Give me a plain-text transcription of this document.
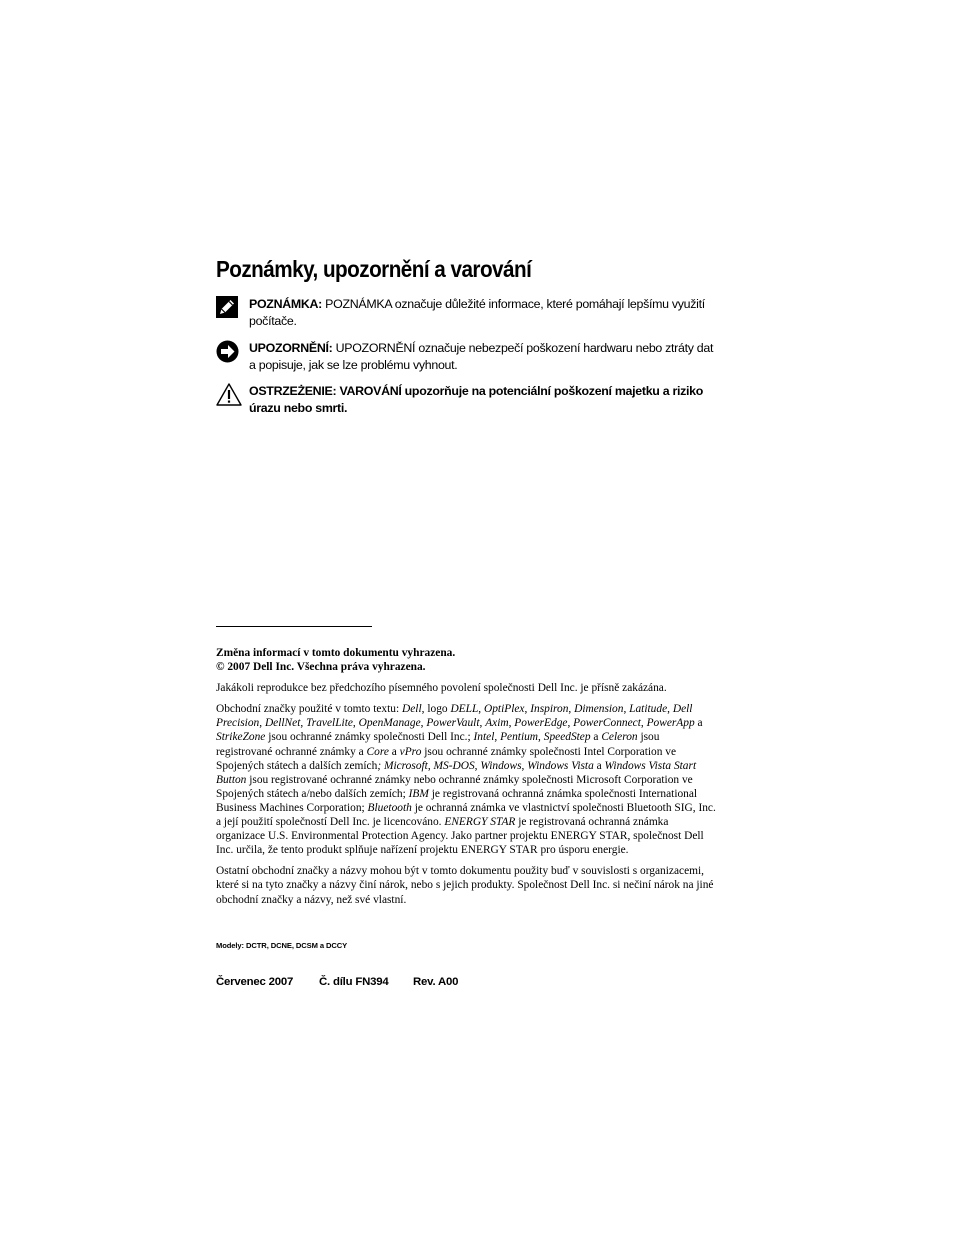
Poznámky, upozornění a varování
POZNÁMKA: POZNÁMKA označuje důležité informace, které pomáhají lepšímu využití počítače.
UPOZORNĚNÍ: UPOZORNĚNÍ označuje nebezpečí poškození hardwaru nebo ztráty dat a popisuje, jak se lze problému vyhnout.
OSTRZEŻENIE: VAROVÁNÍ upozorňuje na potenciální poškození majetku a riziko úrazu nebo smrti.

Změna informací v tomto dokumentu vyhrazena.

© 2007 Dell Inc. Všechna práva vyhrazena.

Jakákoli reprodukce bez předchozího písemného povolení společnosti Dell Inc. je přísně zakázána.

Obchodní značky použité v tomto textu: Dell, logo DELL, OptiPlex, Inspiron, Dimension, Latitude, Dell Precision, DellNet, TravelLite, OpenManage, PowerVault, Axim, PowerEdge, PowerConnect, PowerApp a StrikeZone jsou ochranné známky společnosti Dell Inc.; Intel, Pentium, SpeedStep a Celeron jsou registrované ochranné známky a Core a vPro jsou ochranné známky společnosti Intel Corporation ve Spojených státech a dalších zemích; Microsoft, MS-DOS, Windows, Windows Vista a Windows Vista Start Button jsou registrované ochranné známky nebo ochranné známky společnosti Microsoft Corporation ve Spojených státech a/nebo dalších zemích; IBM je registrovaná ochranná známka společnosti International Business Machines Corporation; Bluetooth je ochranná známka ve vlastnictví společnosti Bluetooth SIG, Inc. a její použití společností Dell Inc. je licencováno. ENERGY STAR je registrovaná ochranná známka organizace U.S. Environmental Protection Agency. Jako partner projektu ENERGY STAR, společnost Dell Inc. určila, že tento produkt splňuje nařízení projektu ENERGY STAR pro úsporu energie.

Ostatní obchodní značky a názvy mohou být v tomto dokumentu použity buď v souvislosti s organizacemi, které si na tyto značky a názvy činí nárok, nebo s jejich produkty. Společnost Dell Inc. si nečiní nárok na jiné obchodní značky a názvy, než své vlastní.

Modely: DCTR, DCNE, DCSM a DCCY
Červenec 2007 Č. dílu FN394 Rev. A00
